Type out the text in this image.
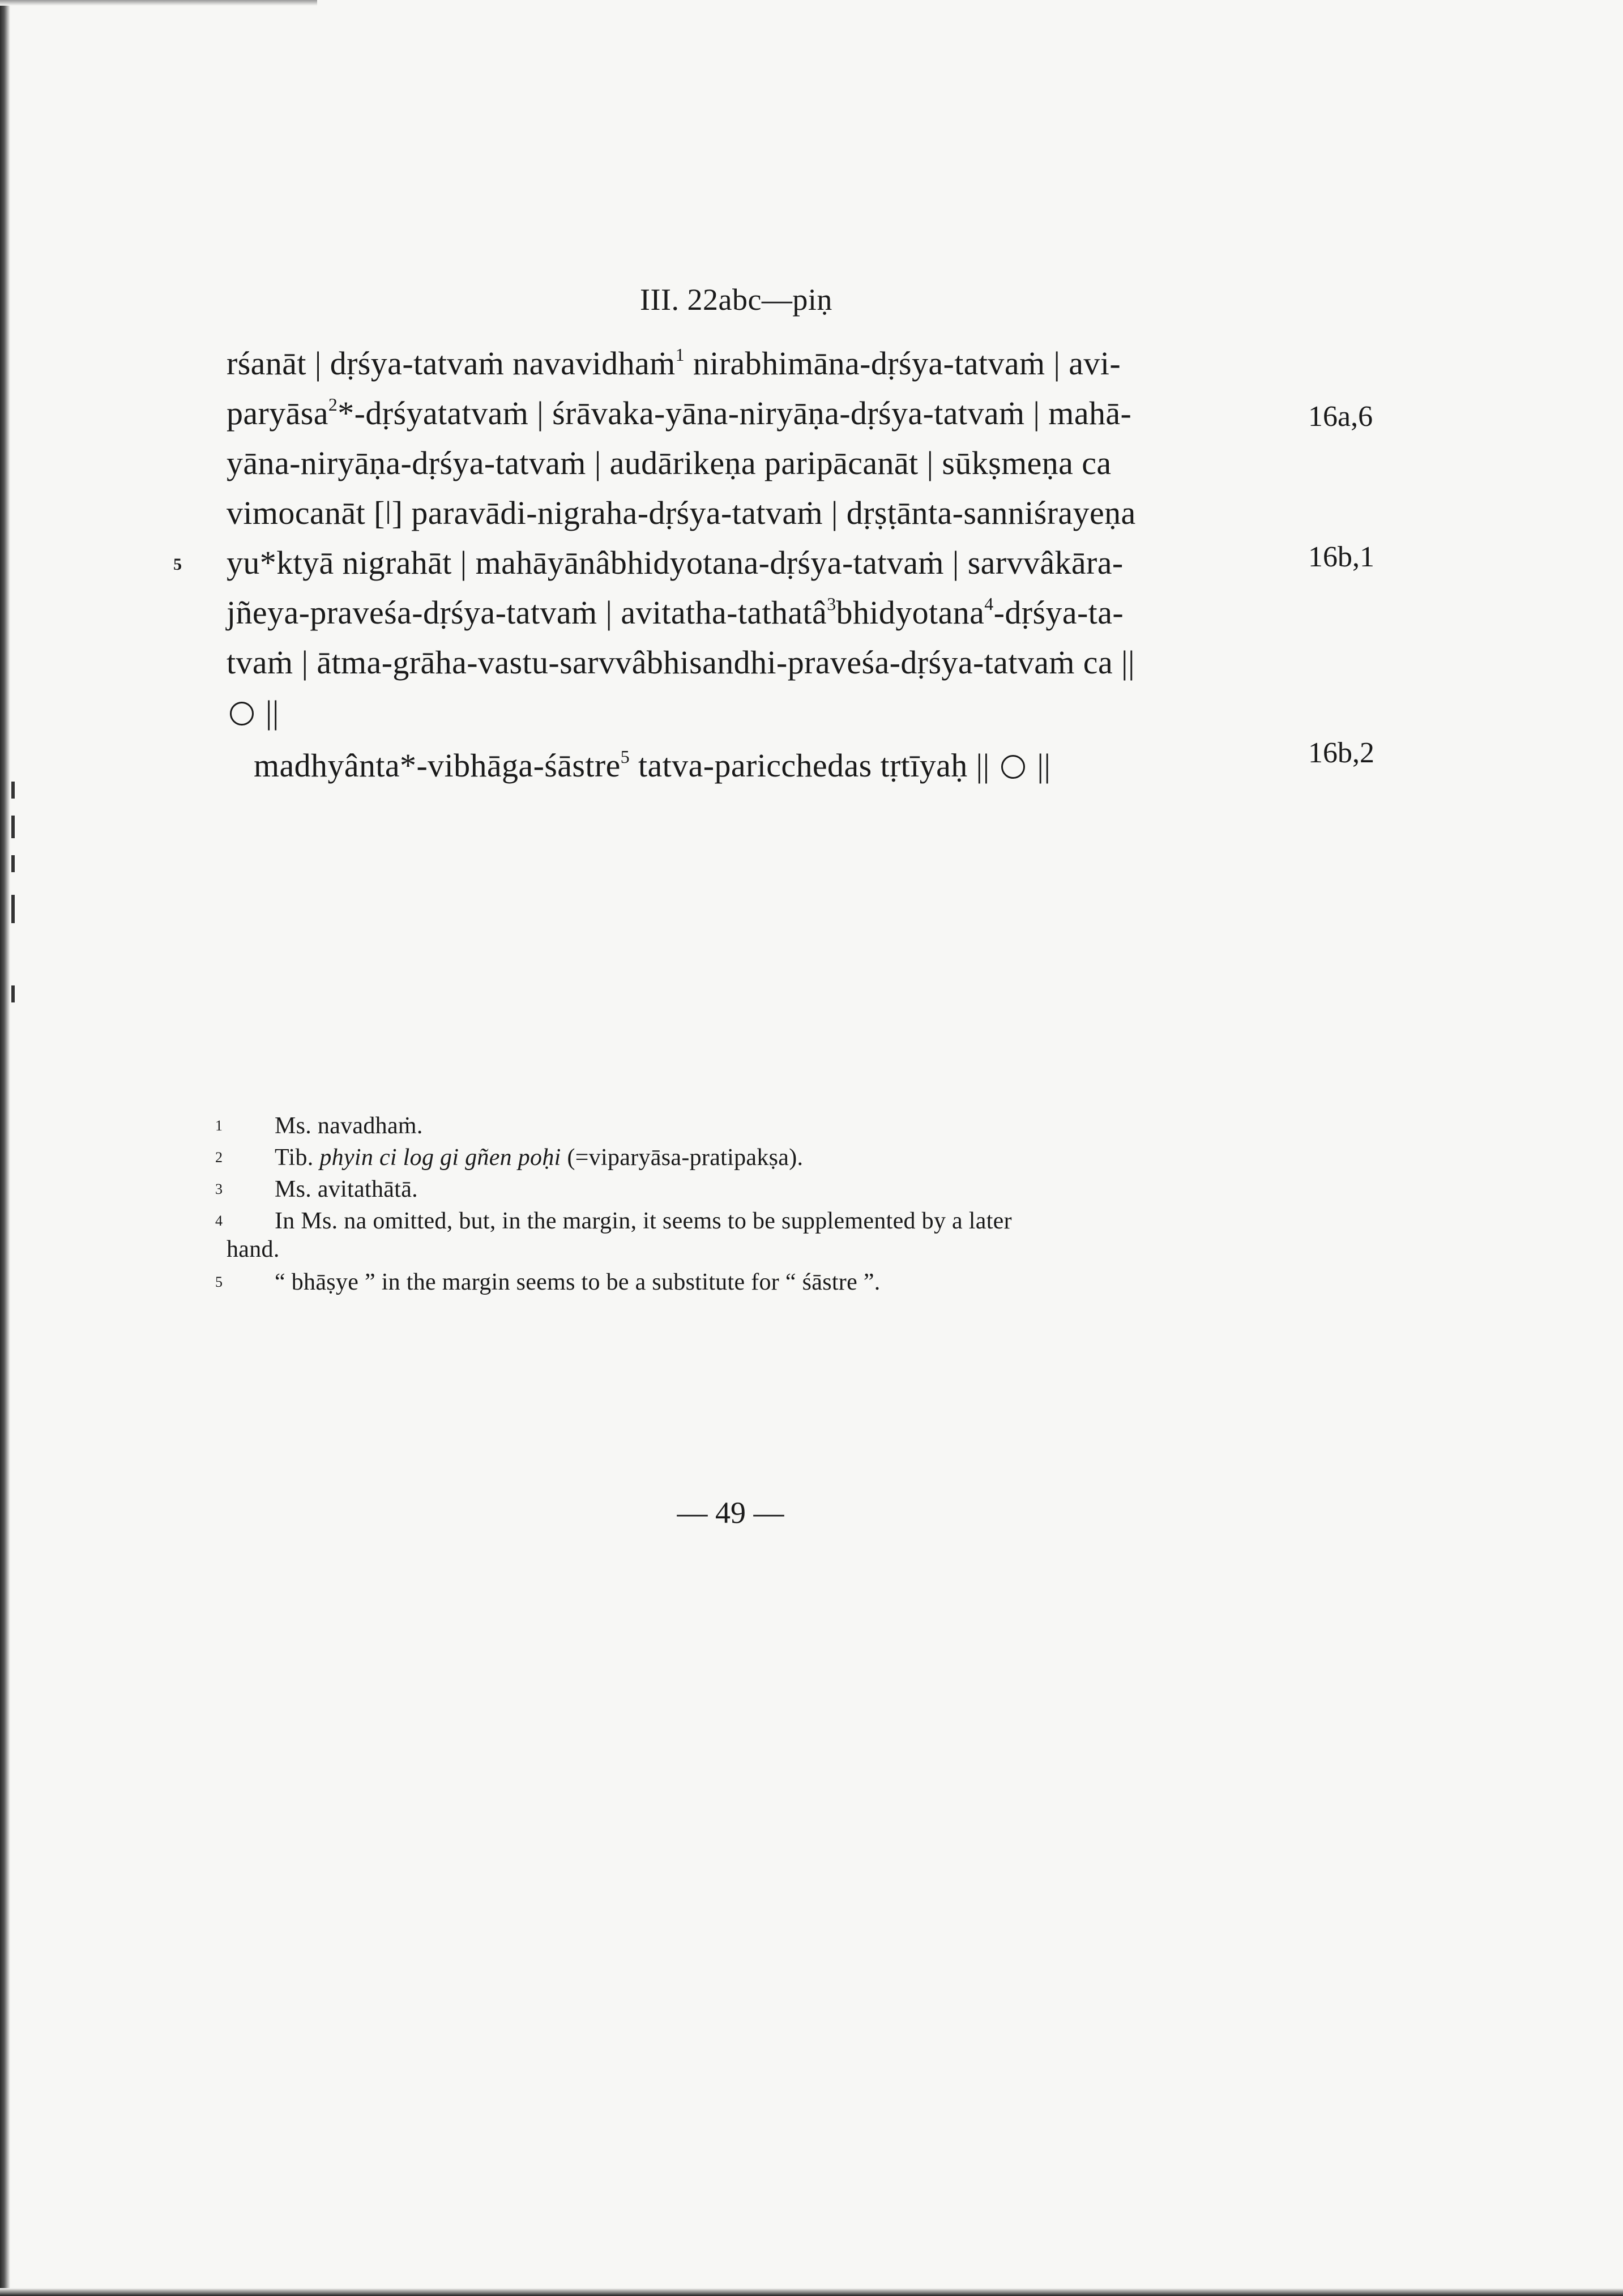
III. 22abc—piṇ
rśanāt | dṛśya-tatvaṁ navavidhaṁ$^1$ nirabhimāna-dṛśya-tatvaṁ | avi-
paryāsa$^2$*-dṛśyatatvaṁ | śrāvaka-yāna-niryāṇa-dṛśya-tatvaṁ | mahā-
yāna-niryāṇa-dṛśya-tatvaṁ | audārikeṇa paripācanāt | sūkṣmeṇa ca
vimocanāt [ǀ] paravādi-nigraha-dṛśya-tatvaṁ | dṛṣṭānta-sanniśrayeṇa
yu*ktyā nigrahāt | mahāyānâbhidyotana-dṛśya-tatvaṁ | sarvvâkāra-
jñeya-praveśa-dṛśya-tatvaṁ | avitatha-tathatâ$^3$bhidyotana$^4$-dṛśya-ta-
tvaṁ | ātma-grāha-vastu-sarvvâbhisandhi-praveśa-dṛśya-tatvaṁ ca ||
||
madhyânta*-vibhāga-śāstre$^5$ tatva-paricchedas tṛtīyaḥ || ○ ||
5
16a,6
16b,1
16b,2
1 Ms. navadhaṁ.
2 Tib. phyin ci log gi gñen poḥi (=viparyāsa-pratipakṣa).
3 Ms. avitathātā.
4 In Ms. na omitted, but, in the margin, it seems to be supplemented by a later
hand.
5 “ bhāṣye ” in the margin seems to be a substitute for “ śāstre ”.
— 49 —
